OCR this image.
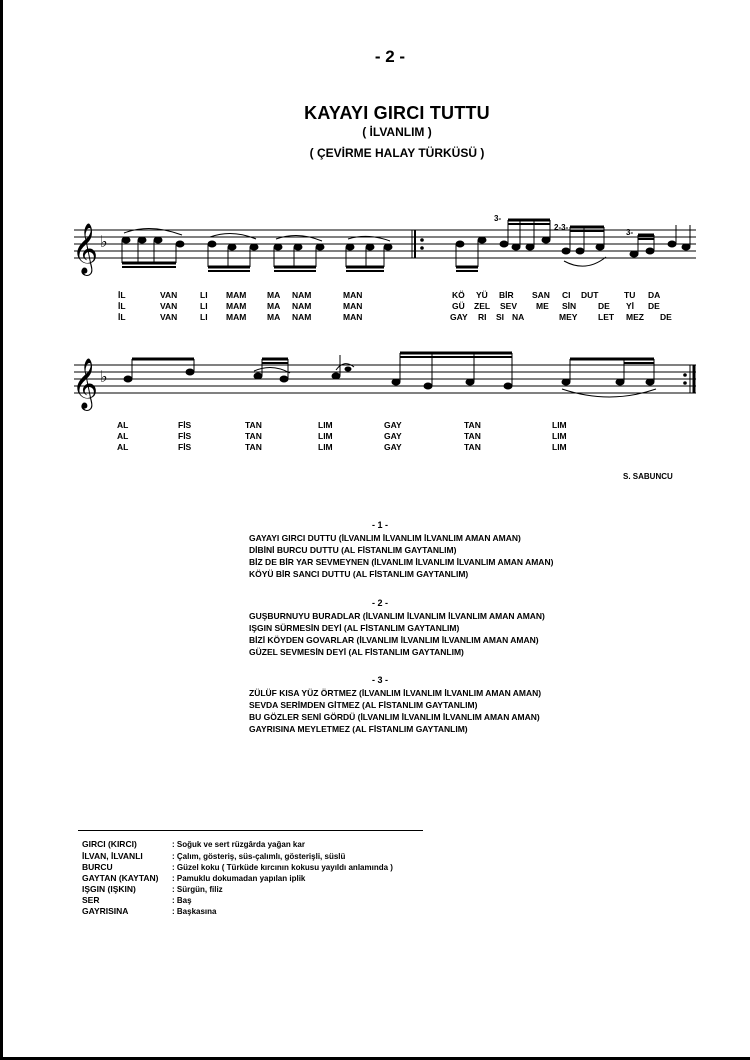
- 2 -
KAYAYI GIRCI TUTTU
( İLVANLIM )
( ÇEVİRME HALAY TÜRKÜSÜ )
𝄞 ♭
3-
2-3-
3-
İL	VAN	LI MAM MA NAM	MAN	KÖ YÜ BİR SAN CI DUT	TU DA
İL	VAN	LI MAM MA NAM	MAN	GÜ ZEL SEV ME SİN	DE Yİ DE
İL	VAN	LI MAM MA NAM	MAN	GAY RI SI NA	MEY LET MEZ DE
𝄞 ♭
AL	FİS	TAN	LIM	GAY	TAN	LIM
AL	FİS	TAN	LIM	GAY	TAN	LIM
AL	FİS	TAN	LIM	GAY	TAN	LIM
S. SABUNCU
- 1 -
GAYAYI GIRCI DUTTU (İLVANLIM İLVANLIM İLVANLIM AMAN AMAN)
DİBİNİ BURCU DUTTU (AL FİSTANLIM GAYTANLIM)
BİZ DE BİR YAR SEVMEYNEN (İLVANLIM İLVANLIM İLVANLIM AMAN AMAN)
KÖYÜ BİR SANCI DUTTU (AL FİSTANLIM GAYTANLIM)
- 2 -
GUŞBURNUYU BURADLAR (İLVANLIM İLVANLIM İLVANLIM AMAN AMAN)
IŞGIN SÜRMESİN DEYİ (AL FİSTANLIM GAYTANLIM)
BİZİ KÖYDEN GOVARLAR (İLVANLIM İLVANLIM İLVANLIM AMAN AMAN)
GÜZEL SEVMESİN DEYİ (AL FİSTANLIM GAYTANLIM)
- 3 -
ZÜLÜF KISA YÜZ ÖRTMEZ (İLVANLIM İLVANLIM İLVANLIM AMAN AMAN)
SEVDA SERİMDEN GİTMEZ (AL FİSTANLIM GAYTANLIM)
BU GÖZLER SENİ GÖRDÜ (İLVANLIM İLVANLIM İLVANLIM AMAN AMAN)
GAYRISINA MEYLETMEZ (AL FİSTANLIM GAYTANLIM)
GIRCI (KIRCI)	: Soğuk ve sert rüzgârda yağan kar
İLVAN, İLVANLI	: Çalım, gösteriş, süs-çalımlı, gösterişli, süslü
BURCU	: Güzel koku ( Türküde kırcının kokusu yayıldı anlamında )
GAYTAN (KAYTAN) : Pamuklu dokumadan yapılan iplik
IŞGIN (IŞKIN)	: Sürgün, filiz
SER	: Baş
GAYRISINA	: Başkasına
